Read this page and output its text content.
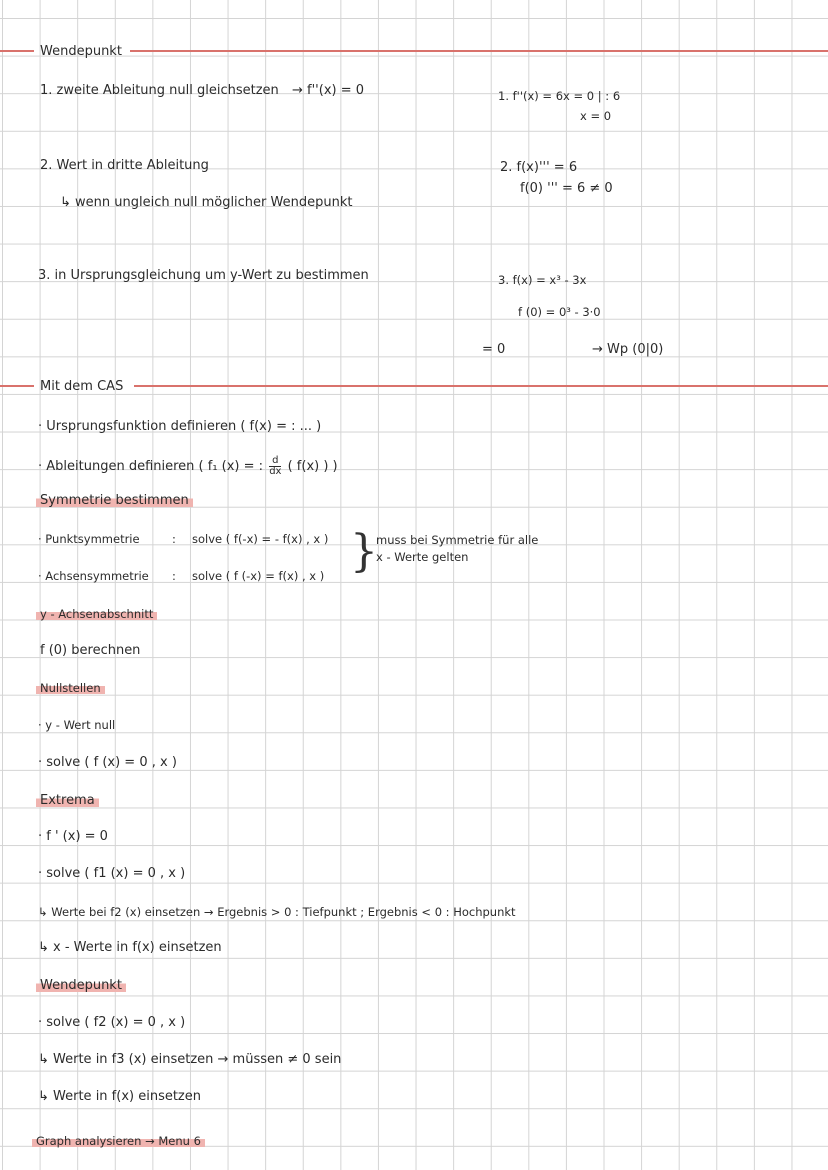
Wendepunkt
1. zweite Ableitung null gleichsetzen → f''(x) = 0
2. Wert in dritte Ableitung
↳ wenn ungleich null möglicher Wendepunkt
3. in Ursprungsgleichung um y-Wert zu bestimmen
1. f''(x) = 6x = 0 | : 6
x = 0
2. f(x)''' = 6
f(0) ''' = 6 ≠ 0
3. f(x) = x³ - 3x
f (0) = 0³ - 3·0
= 0	→ Wp (0|0)
Mit dem CAS
· Ursprungsfunktion definieren ( f(x) = : ... )
· Ableitungen definieren ( f₁ (x) = : $\frac{d}{dx}$ ( f(x) ) )
Symmetrie bestimmen
· Punktsymmetrie	: solve ( f(-x) = - f(x) , x )
· Achsensymmetrie : solve ( f (-x) = f(x) , x ) }
muss bei Symmetrie für alle
x - Werte gelten
y - Achsenabschnitt
f (0) berechnen
Nullstellen
· y - Wert null
· solve ( f (x) = 0 , x )
Extrema
· f ' (x) = 0
· solve ( f1 (x) = 0 , x )
↳ Werte bei f2 (x) einsetzen → Ergebnis > 0 : Tiefpunkt ; Ergebnis < 0 : Hochpunkt
↳ x - Werte in f(x) einsetzen
Wendepunkt
· solve ( f2 (x) = 0 , x )
↳ Werte in f3 (x) einsetzen → müssen ≠ 0 sein
↳ Werte in f(x) einsetzen
Graph analysieren → Menu 6
